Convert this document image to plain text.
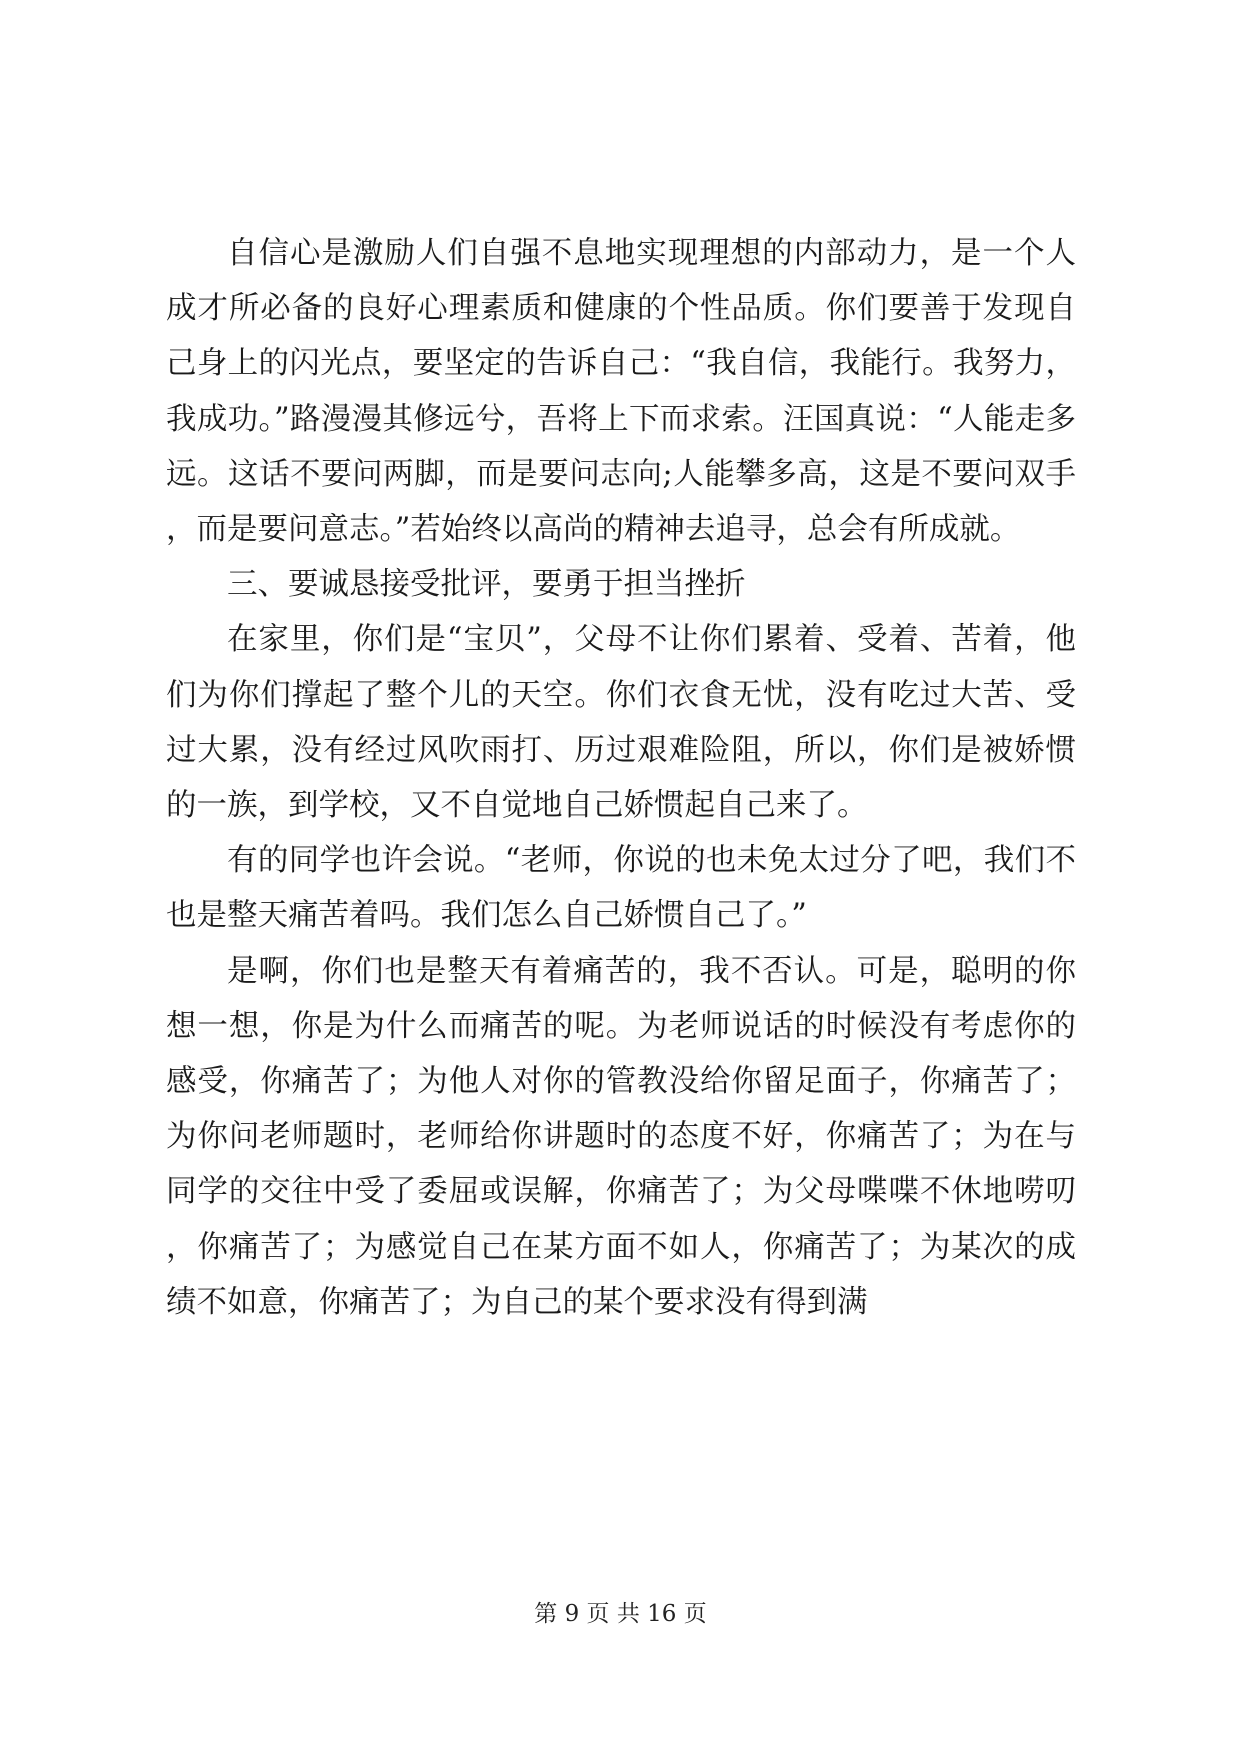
自信心是激励人们自强不息地实现理想的内部动力，是一个人成才所必备的良好心理素质和健康的个性品质。你们要善于发现自己身上的闪光点，要坚定的告诉自己：“我自信，我能行。我努力，我成功。”路漫漫其修远兮，吾将上下而求索。汪国真说：“人能走多远。这话不要问两脚，而是要问志向;人能攀多高，这是不要问双手，而是要问意志。”若始终以高尚的精神去追寻，总会有所成就。

三、要诚恳接受批评，要勇于担当挫折

在家里，你们是“宝贝”，父母不让你们累着、受着、苦着，他们为你们撑起了整个儿的天空。你们衣食无忧，没有吃过大苦、受过大累，没有经过风吹雨打、历过艰难险阻，所以，你们是被娇惯的一族，到学校，又不自觉地自己娇惯起自己来了。

有的同学也许会说。“老师，你说的也未免太过分了吧，我们不也是整天痛苦着吗。我们怎么自己娇惯自己了。”

是啊，你们也是整天有着痛苦的，我不否认。可是，聪明的你想一想，你是为什么而痛苦的呢。为老师说话的时候没有考虑你的感受，你痛苦了；为他人对你的管教没给你留足面子，你痛苦了；为你问老师题时，老师给你讲题时的态度不好，你痛苦了；为在与同学的交往中受了委屈或误解，你痛苦了；为父母喋喋不休地唠叨，你痛苦了；为感觉自己在某方面不如人，你痛苦了；为某次的成绩不如意，你痛苦了；为自己的某个要求没有得到满

第 9 页 共 16 页
